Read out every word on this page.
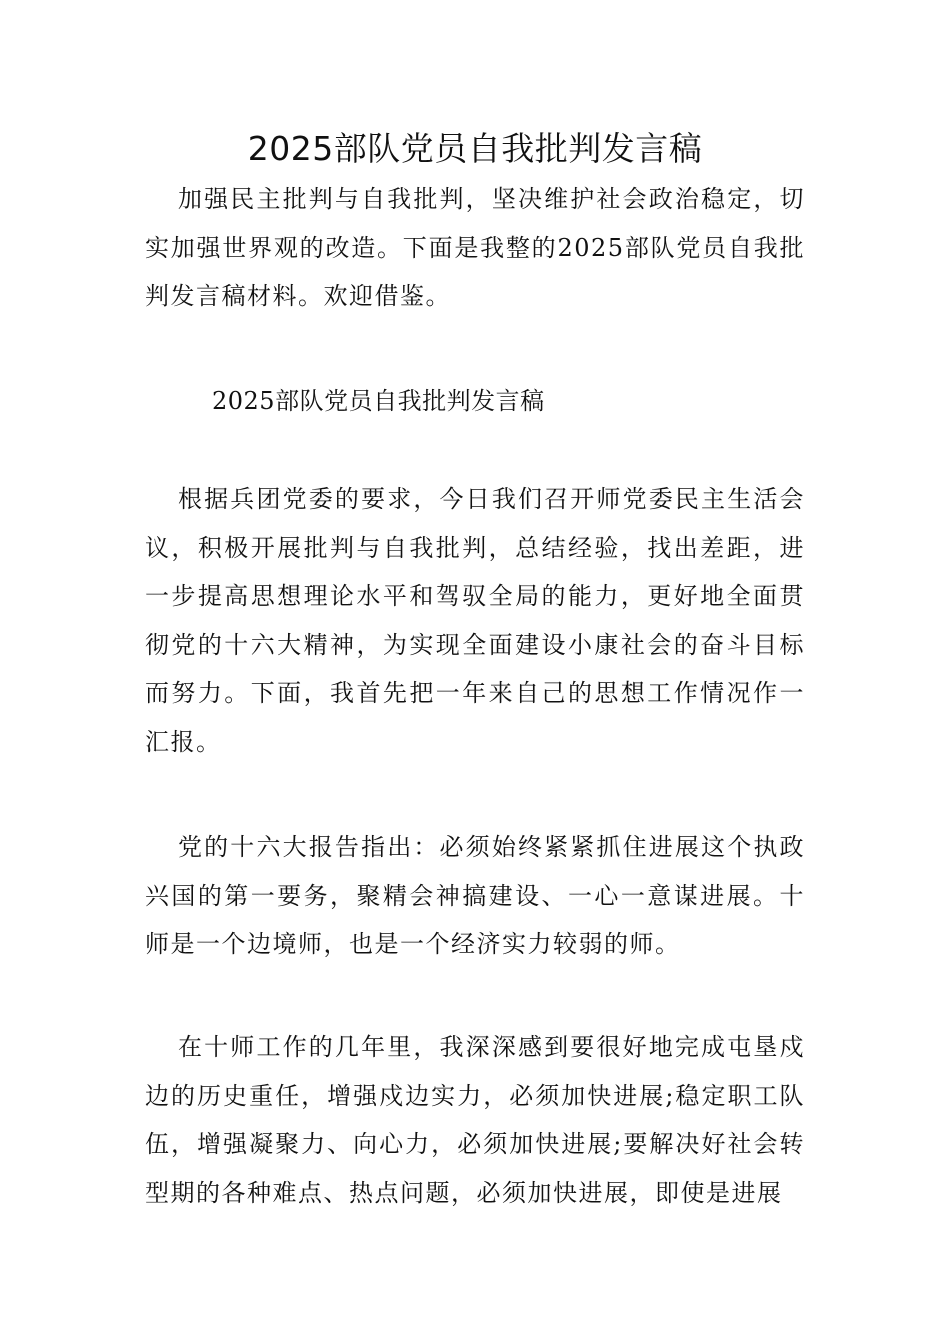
2025部队党员自我批判发言稿

加强民主批判与自我批判，坚决维护社会政治稳定，切实加强世界观的改造。下面是我整的2025部队党员自我批判发言稿材料。欢迎借鉴。

2025部队党员自我批判发言稿

根据兵团党委的要求，今日我们召开师党委民主生活会议，积极开展批判与自我批判，总结经验，找出差距，进一步提高思想理论水平和驾驭全局的能力，更好地全面贯彻党的十六大精神，为实现全面建设小康社会的奋斗目标而努力。下面，我首先把一年来自己的思想工作情况作一汇报。

党的十六大报告指出：必须始终紧紧抓住进展这个执政兴国的第一要务，聚精会神搞建设、一心一意谋进展。十师是一个边境师，也是一个经济实力较弱的师。

在十师工作的几年里，我深深感到要很好地完成屯垦戍边的历史重任，增强戍边实力，必须加快进展;稳定职工队伍，增强凝聚力、向心力，必须加快进展;要解决好社会转型期的各种难点、热点问题，必须加快进展，即使是进展
